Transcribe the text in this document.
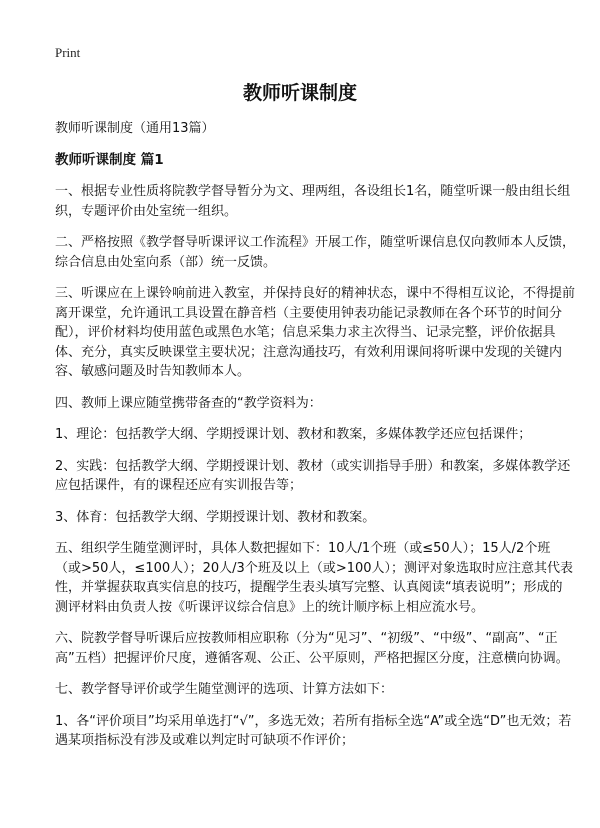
Print
教师听课制度

教师听课制度（通用13篇）

教师听课制度 篇1

一、根据专业性质将院教学督导暂分为文、理两组，各设组长1名，随堂听课一般由组长组织，专题评价由处室统一组织。

二、严格按照《教学督导听课评议工作流程》开展工作，随堂听课信息仅向教师本人反馈，综合信息由处室向系（部）统一反馈。

三、听课应在上课铃响前进入教室，并保持良好的精神状态，课中不得相互议论，不得提前离开课堂，允许通讯工具设置在静音档（主要使用钟表功能记录教师在各个环节的时间分配），评价材料均使用蓝色或黑色水笔；信息采集力求主次得当、记录完整，评价依据具体、充分，真实反映课堂主要状况；注意沟通技巧，有效利用课间将听课中发现的关键内容、敏感问题及时告知教师本人。

四、教师上课应随堂携带备查的“教学资料为：

1、理论：包括教学大纲、学期授课计划、教材和教案，多媒体教学还应包括课件；

2、实践：包括教学大纲、学期授课计划、教材（或实训指导手册）和教案，多媒体教学还应包括课件，有的课程还应有实训报告等；

3、体育：包括教学大纲、学期授课计划、教材和教案。

五、组织学生随堂测评时，具体人数把握如下：10人/1个班（或≤50人）；15人/2个班（或>50人，≤100人）；20人/3个班及以上（或>100人）；测评对象选取时应注意其代表性，并掌握获取真实信息的技巧，提醒学生表头填写完整、认真阅读“填表说明”；形成的测评材料由负责人按《听课评议综合信息》上的统计顺序标上相应流水号。

六、院教学督导听课后应按教师相应职称（分为“见习”、“初级”、“中级”、“副高”、“正高”五档）把握评价尺度，遵循客观、公正、公平原则，严格把握区分度，注意横向协调。

七、教学督导评价或学生随堂测评的选项、计算方法如下：

1、各“评价项目”均采用单选打“√”，多选无效；若所有指标全选“A”或全选“D”也无效；若遇某项指标没有涉及或难以判定时可缺项不作评价；
